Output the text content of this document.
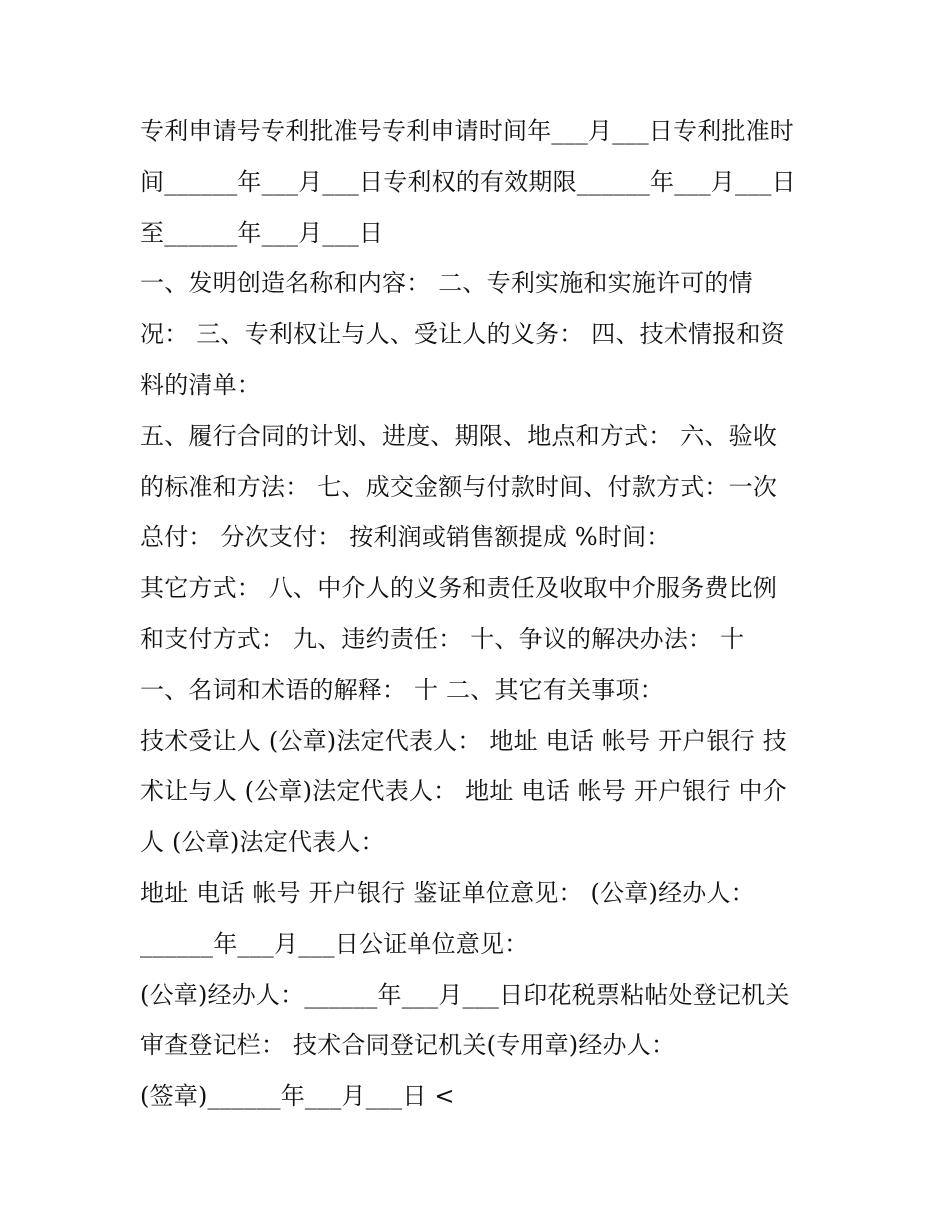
专利申请号专利批准号专利申请时间年___月___日专利批准时
间______年___月___日专利权的有效期限______年___月___日
至______年___月___日
一、发明创造名称和内容： 二、专利实施和实施许可的情
况： 三、专利权让与人、受让人的义务： 四、技术情报和资
料的清单：
五、履行合同的计划、进度、期限、地点和方式： 六、验收
的标准和方法： 七、成交金额与付款时间、付款方式：一次
总付： 分次支付： 按利润或销售额提成 %时间：
其它方式： 八、中介人的义务和责任及收取中介服务费比例
和支付方式： 九、违约责任： 十、争议的解决办法： 十
一、名词和术语的解释： 十 二、其它有关事项：
技术受让人 (公章)法定代表人： 地址 电话 帐号 开户银行 技
术让与人 (公章)法定代表人： 地址 电话 帐号 开户银行 中介
人 (公章)法定代表人：
地址 电话 帐号 开户银行 鉴证单位意见： (公章)经办人：
______年___月___日公证单位意见：
(公章)经办人：______年___月___日印花税票粘帖处登记机关
审查登记栏： 技术合同登记机关(专用章)经办人：
(签章)______年___月___日 <
